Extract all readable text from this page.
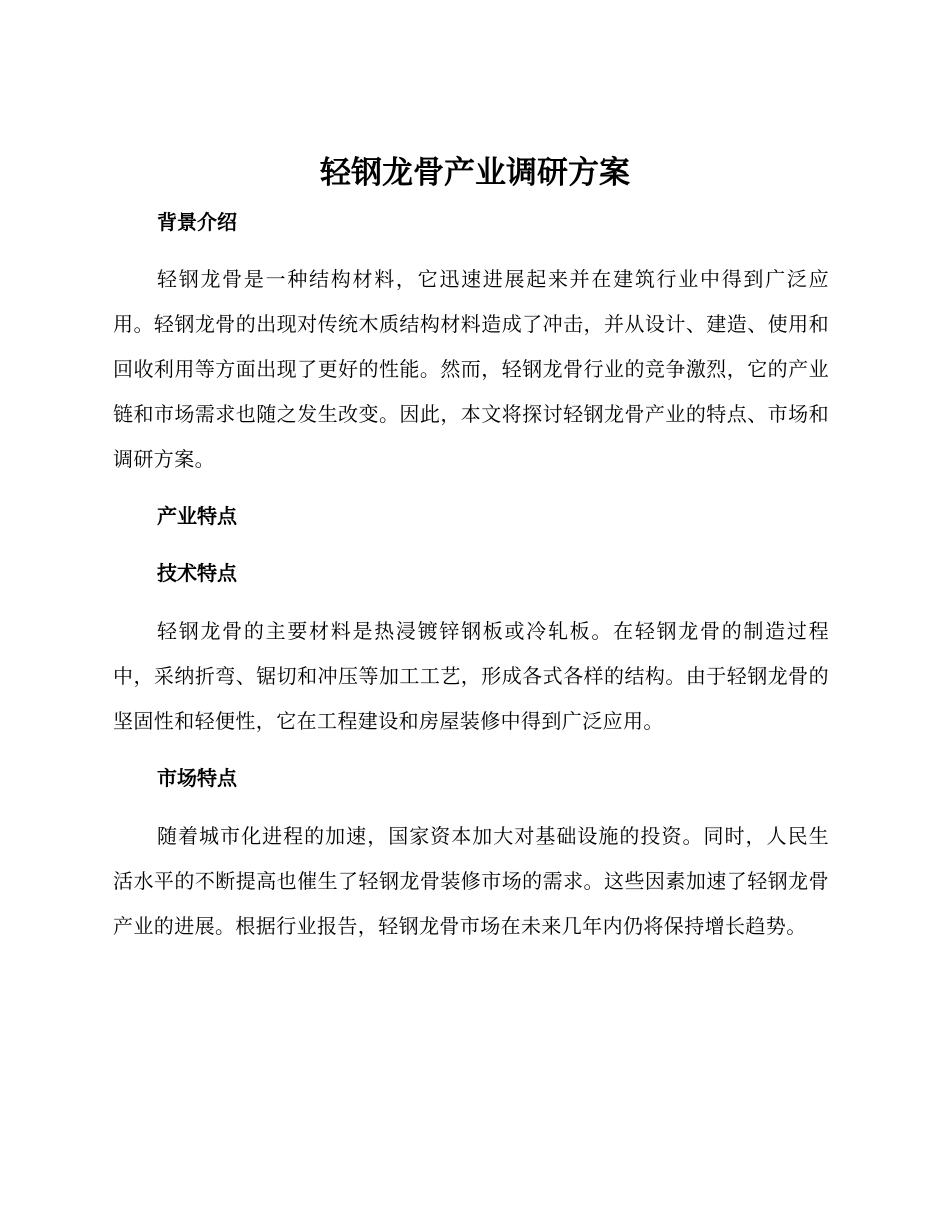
轻钢龙骨产业调研方案
背景介绍

轻钢龙骨是一种结构材料，它迅速进展起来并在建筑行业中得到广泛应用。轻钢龙骨的出现对传统木质结构材料造成了冲击，并从设计、建造、使用和回收利用等方面出现了更好的性能。然而，轻钢龙骨行业的竞争激烈，它的产业链和市场需求也随之发生改变。因此，本文将探讨轻钢龙骨产业的特点、市场和调研方案。

产业特点
技术特点

轻钢龙骨的主要材料是热浸镀锌钢板或冷轧板。在轻钢龙骨的制造过程中，采纳折弯、锯切和冲压等加工工艺，形成各式各样的结构。由于轻钢龙骨的坚固性和轻便性，它在工程建设和房屋装修中得到广泛应用。

市场特点

随着城市化进程的加速，国家资本加大对基础设施的投资。同时，人民生活水平的不断提高也催生了轻钢龙骨装修市场的需求。这些因素加速了轻钢龙骨产业的进展。根据行业报告，轻钢龙骨市场在未来几年内仍将保持增长趋势。
